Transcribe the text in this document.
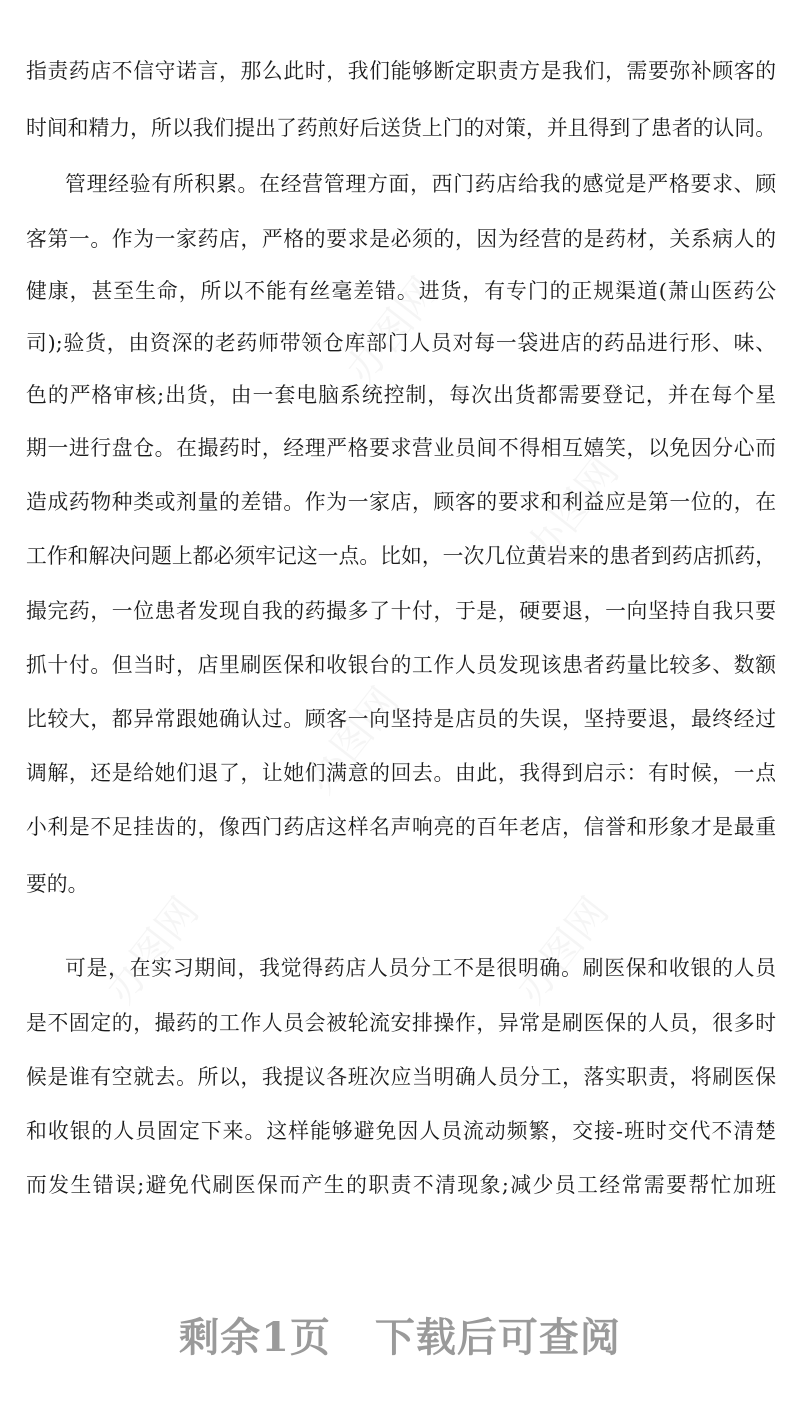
办图网
办图网
办图网
办图网	办图网
指责药店不信守诺言，那么此时，我们能够断定职责方是我们，需要弥补顾客的
时间和精力，所以我们提出了药煎好后送货上门的对策，并且得到了患者的认同。
管理经验有所积累。在经营管理方面，西门药店给我的感觉是严格要求、顾
客第一。作为一家药店，严格的要求是必须的，因为经营的是药材，关系病人的
健康，甚至生命，所以不能有丝毫差错。进货，有专门的正规渠道(萧山医药公
司);验货，由资深的老药师带领仓库部门人员对每一袋进店的药品进行形、味、
色的严格审核;出货，由一套电脑系统控制，每次出货都需要登记，并在每个星
期一进行盘仓。在撮药时，经理严格要求营业员间不得相互嬉笑，以免因分心而
造成药物种类或剂量的差错。作为一家店，顾客的要求和利益应是第一位的，在
工作和解决问题上都必须牢记这一点。比如，一次几位黄岩来的患者到药店抓药，
撮完药，一位患者发现自我的药撮多了十付，于是，硬要退，一向坚持自我只要
抓十付。但当时，店里刷医保和收银台的工作人员发现该患者药量比较多、数额
比较大，都异常跟她确认过。顾客一向坚持是店员的失误，坚持要退，最终经过
调解，还是给她们退了，让她们满意的回去。由此，我得到启示：有时候，一点
小利是不足挂齿的，像西门药店这样名声响亮的百年老店，信誉和形象才是最重
要的。
可是，在实习期间，我觉得药店人员分工不是很明确。刷医保和收银的人员
是不固定的，撮药的工作人员会被轮流安排操作，异常是刷医保的人员，很多时
候是谁有空就去。所以，我提议各班次应当明确人员分工，落实职责，将刷医保
和收银的人员固定下来。这样能够避免因人员流动频繁，交接-班时交代不清楚
而发生错误;避免代刷医保而产生的职责不清现象;减少员工经常需要帮忙加班
剩余1页 下载后可查阅
